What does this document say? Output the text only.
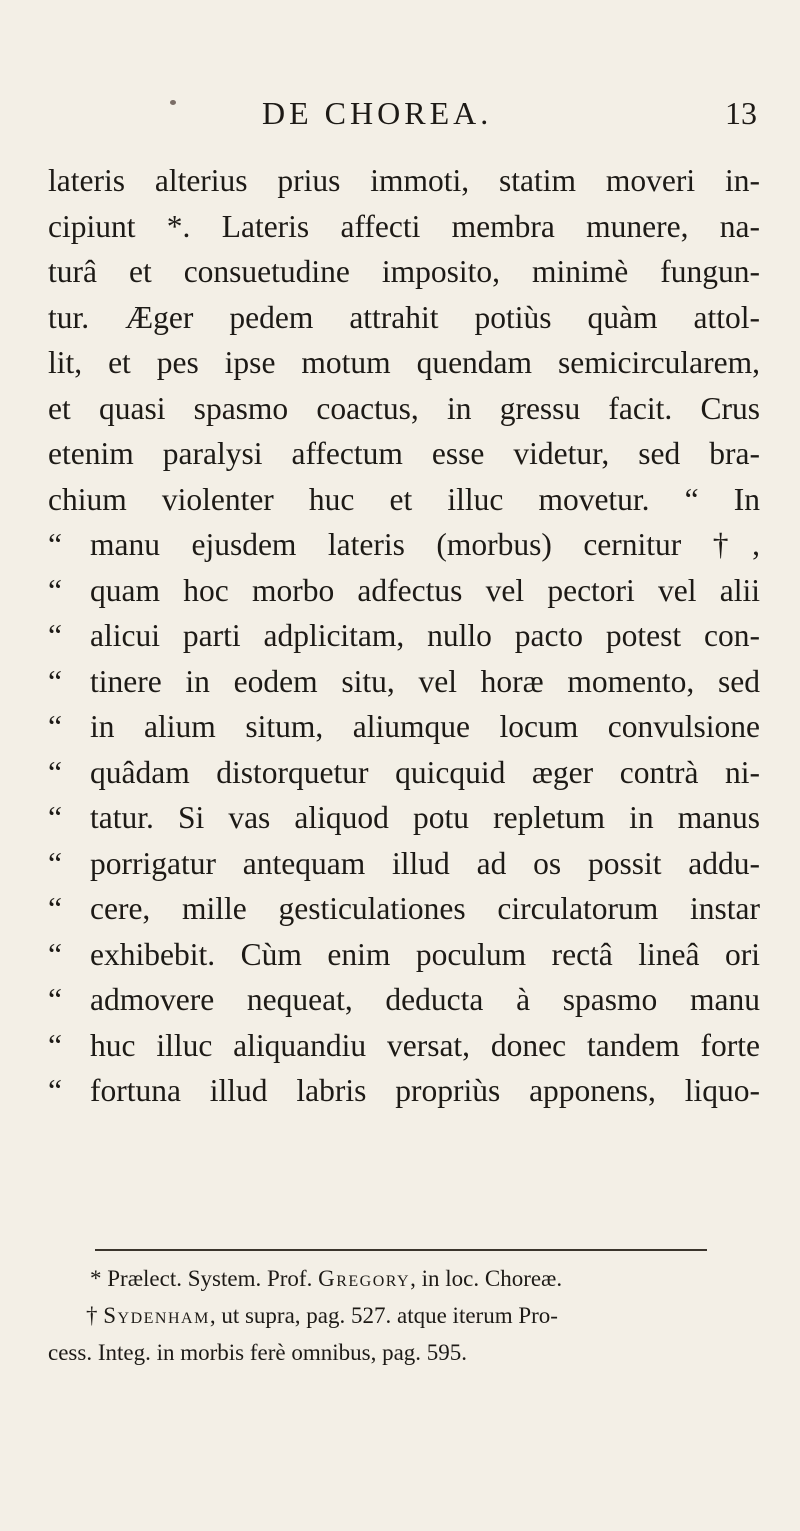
DE CHOREA.	13
lateris alterius prius immoti, statim moveri in-
cipiunt *. Lateris affecti membra munere, na-
turâ et consuetudine imposito, minimè fungun-
tur. Æger pedem attrahit potiùs quàm attol-
lit, et pes ipse motum quendam semicircularem,
et quasi spasmo coactus, in gressu facit. Crus
etenim paralysi affectum esse videtur, sed bra-
chium violenter huc et illuc movetur. “ In
“ manu ejusdem lateris (morbus) cernitur †,
“ quam hoc morbo adfectus vel pectori vel alii
“ alicui parti adplicitam, nullo pacto potest con-
“ tinere in eodem situ, vel horæ momento, sed
“ in alium situm, aliumque locum convulsione
“ quâdam distorquetur quicquid æger contrà ni-
“ tatur. Si vas aliquod potu repletum in manus
“ porrigatur antequam illud ad os possit addu-
“ cere, mille gesticulationes circulatorum instar
“ exhibebit. Cùm enim poculum rectâ lineâ ori
“ admovere nequeat, deducta à spasmo manu
“ huc illuc aliquandiu versat, donec tandem forte
“ fortuna illud labris propriùs apponens, liquo-
* Prælect. System. Prof. Gregory, in loc. Choreæ.
† Sydenham, ut supra, pag. 527. atque iterum Pro-
cess. Integ. in morbis ferè omnibus, pag. 595.
